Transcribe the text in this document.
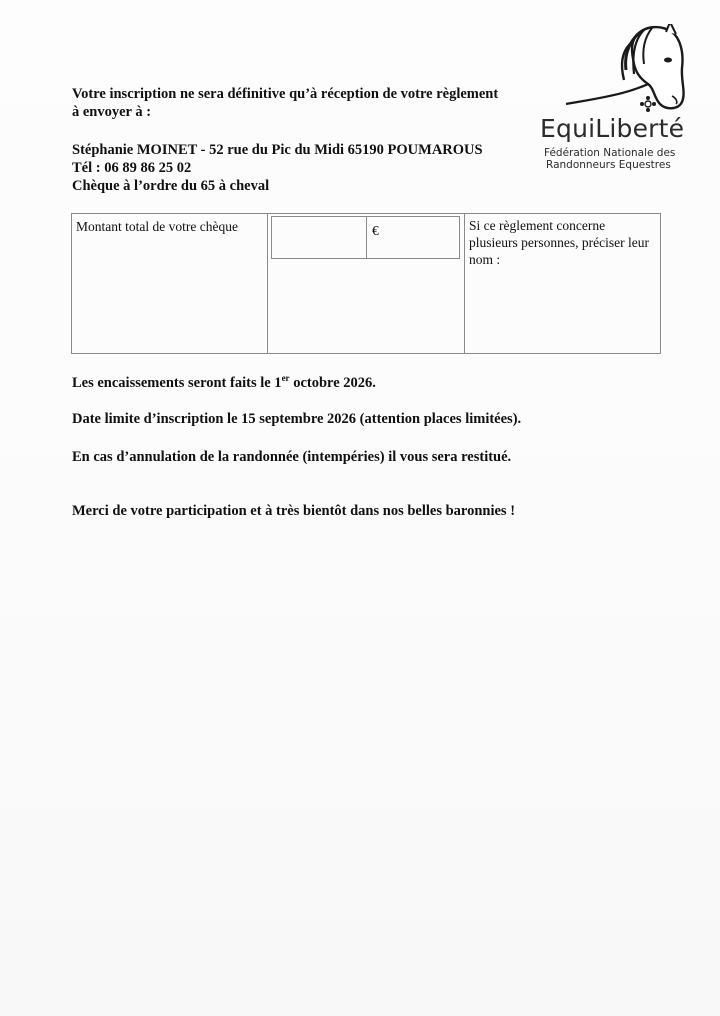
EquiLiberté
Fédération Nationale des
Randonneurs Equestres
Votre inscription ne sera définitive qu’à réception de votre règlement
à envoyer à :
Stéphanie MOINET - 52 rue du Pic du Midi 65190 POUMAROUS
Tél : 06 89 86 25 02
Chèque à l’ordre du 65 à cheval
Montant total de votre chèque	€	Si ce règlement concerne plusieurs personnes, préciser leur nom :
Les encaissements seront faits le 1er octobre 2026.
Date limite d’inscription le 15 septembre 2026 (attention places limitées).
En cas d’annulation de la randonnée (intempéries) il vous sera restitué.
Merci de votre participation et à très bientôt dans nos belles baronnies !
